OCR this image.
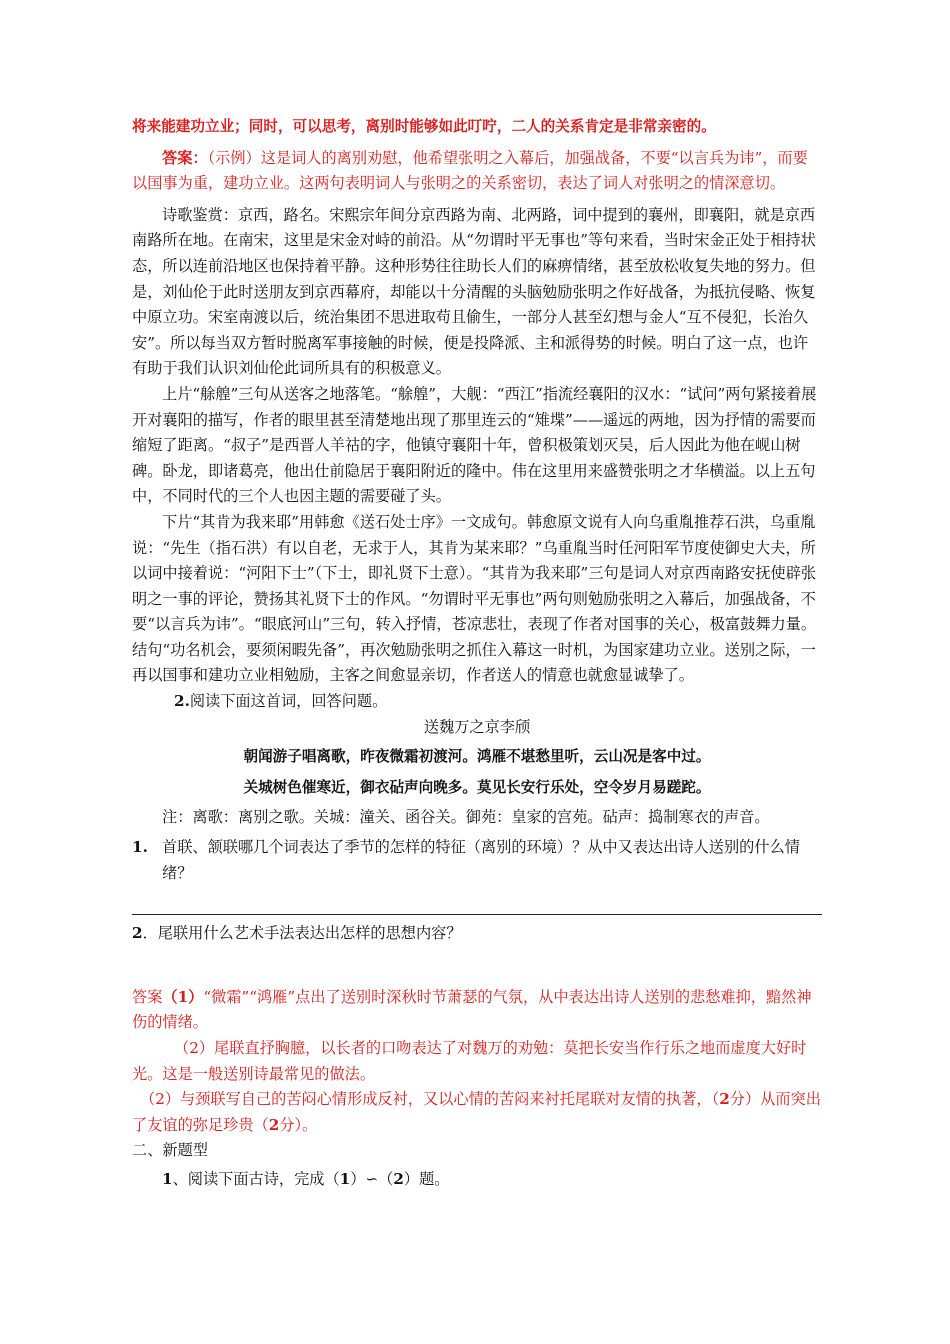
将来能建功立业；同时，可以思考，离别时能够如此叮咛，二人的关系肯定是非常亲密的。

答案：（示例）这是词人的离别劝慰，他希望张明之入幕后，加强战备，不要“以言兵为讳”，而要以国事为重，建功立业。这两句表明词人与张明之的关系密切，表达了词人对张明之的情深意切。

诗歌鉴赏：京西，路名。宋熙宗年间分京西路为南、北两路，词中提到的襄州，即襄阳，就是京西南路所在地。在南宋，这里是宋金对峙的前沿。从“勿谓时平无事也”等句来看，当时宋金正处于相持状态，所以连前沿地区也保持着平静。这种形势往往助长人们的麻痹情绪，甚至放松收复失地的努力。但是，刘仙伦于此时送朋友到京西幕府，却能以十分清醒的头脑勉励张明之作好战备，为抵抗侵略、恢复中原立功。宋室南渡以后，统治集团不思进取苟且偷生，一部分人甚至幻想与金人“互不侵犯，长治久安”。所以每当双方暂时脱离军事接触的时候，便是投降派、主和派得势的时候。明白了这一点，也许有助于我们认识刘仙伦此词所具有的积极意义。

上片“艅艎”三句从送客之地落笔。“艅艎”，大舰：“西江”指流经襄阳的汉水：“试问”两句紧接着展开对襄阳的描写，作者的眼里甚至清楚地出现了那里连云的“雉堞”——遥远的两地，因为抒情的需要而缩短了距离。“叔子”是西晋人羊祜的字，他镇守襄阳十年，曾积极策划灭吴，后人因此为他在岘山树碑。卧龙，即诸葛亮，他出仕前隐居于襄阳附近的隆中。伟在这里用来盛赞张明之才华横溢。以上五句中，不同时代的三个人也因主题的需要碰了头。

下片“其肯为我来耶”用韩愈《送石处士序》一文成句。韩愈原文说有人向乌重胤推荐石洪，乌重胤说：“先生（指石洪）有以自老，无求于人，其肯为某来耶？”乌重胤当时任河阳军节度使御史大夫，所以词中接着说：“河阳下士”（下士，即礼贤下士意）。“其肯为我来耶”三句是词人对京西南路安抚使辟张明之一事的评论，赞扬其礼贤下士的作风。“勿谓时平无事也”两句则勉励张明之入幕后，加强战备，不要“以言兵为讳”。“眼底河山”三句，转入抒情，苍凉悲壮，表现了作者对国事的关心，极富鼓舞力量。结句“功名机会，要须闲暇先备”，再次勉励张明之抓住入幕这一时机，为国家建功立业。送别之际，一再以国事和建功立业相勉励，主客之间愈显亲切，作者送人的情意也就愈显诚挚了。

2.阅读下面这首词，回答问题。

送魏万之京李颀

朝闻游子唱离歌，昨夜微霜初渡河。鸿雁不堪愁里听，云山况是客中过。

关城树色催寒近，御衣砧声向晚多。莫见长安行乐处，空令岁月易蹉跎。

注：离歌：离别之歌。关城：潼关、函谷关。御苑：皇家的宫苑。砧声：捣制寒衣的声音。

1. 首联、颔联哪几个词表达了季节的怎样的特征（离别的环境）？从中又表达出诗人送别的什么情绪？

2．尾联用什么艺术手法表达出怎样的思想内容？

答案（1）“微霜”“鸿雁”点出了送别时深秋时节萧瑟的气氛，从中表达出诗人送别的悲愁难抑，黯然神伤的情绪。

（2）尾联直抒胸臆，以长者的口吻表达了对魏万的劝勉：莫把长安当作行乐之地而虚度大好时光。这是一般送别诗最常见的做法。

（2）与颈联写自己的苦闷心情形成反衬，又以心情的苦闷来衬托尾联对友情的执著，（2分）从而突出了友谊的弥足珍贵（2分）。

二、新题型

1、阅读下面古诗，完成（1）∽（2）题。
